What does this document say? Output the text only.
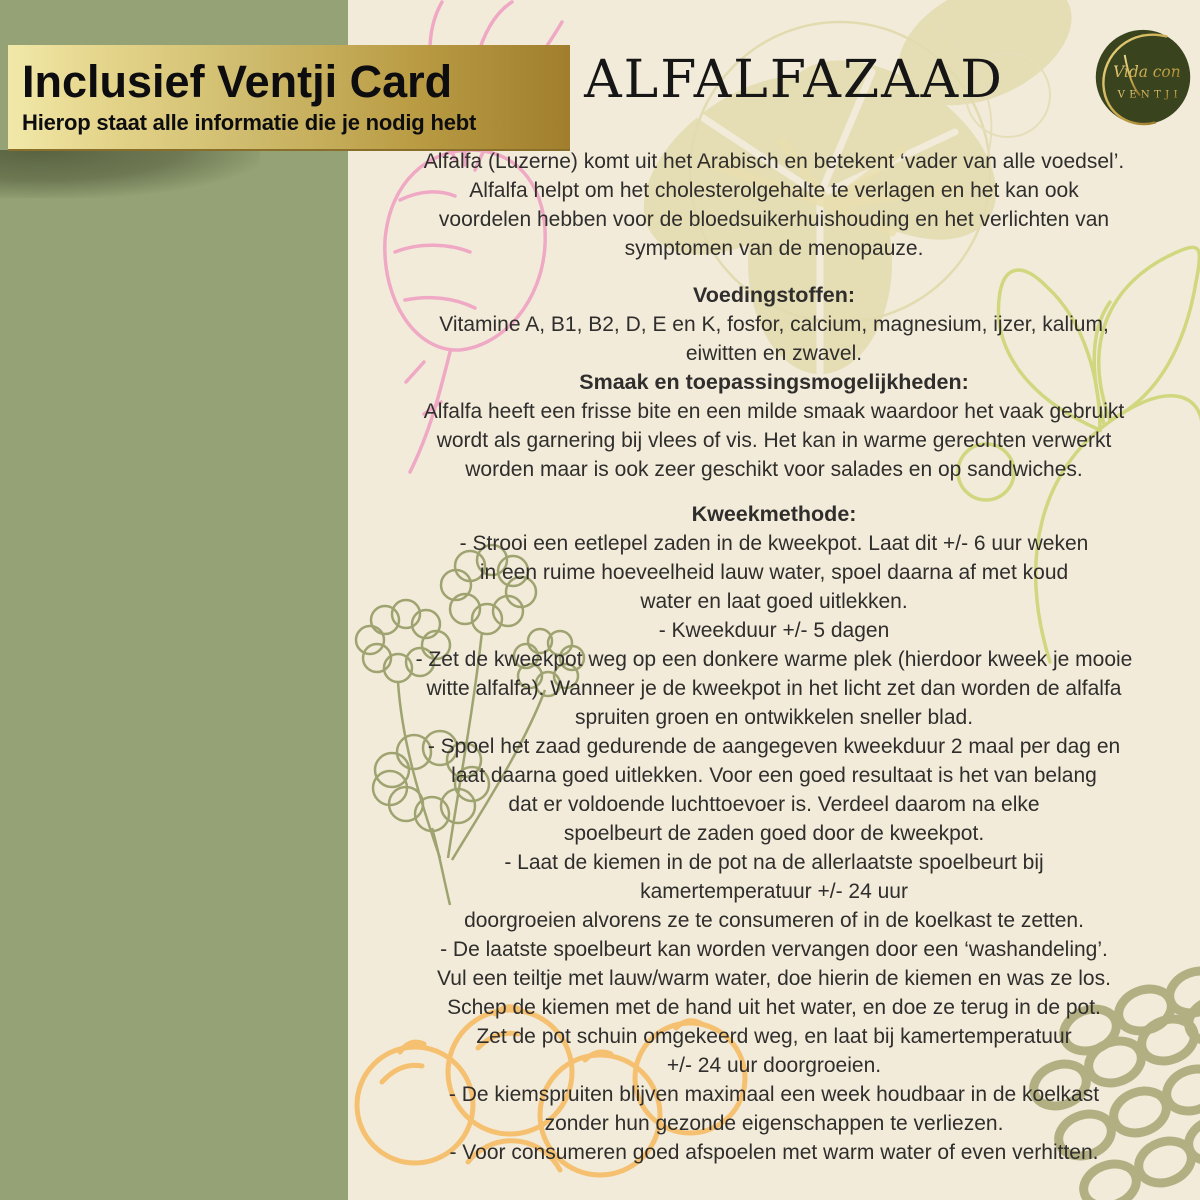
Inclusief Ventji Card
Hierop staat alle informatie die je nodig hebt
ALFALFAZAAD	Vida con
VENTJI
Alfalfa (Luzerne) komt uit het Arabisch en betekent ‘vader van alle voedsel’.
Alfalfa helpt om het cholesterolgehalte te verlagen en het kan ook
voordelen hebben voor de bloedsuikerhuishouding en het verlichten van
symptomen van de menopauze.
Voedingstoffen:
Vitamine A, B1, B2, D, E en K, fosfor, calcium, magnesium, ijzer, kalium,
eiwitten en zwavel.
Smaak en toepassingsmogelijkheden:
Alfalfa heeft een frisse bite en een milde smaak waardoor het vaak gebruikt
wordt als garnering bij vlees of vis. Het kan in warme gerechten verwerkt
worden maar is ook zeer geschikt voor salades en op sandwiches.
Kweekmethode:
- Strooi een eetlepel zaden in de kweekpot. Laat dit +/- 6 uur weken
in een ruime hoeveelheid lauw water, spoel daarna af met koud
water en laat goed uitlekken.
- Kweekduur +/- 5 dagen
- Zet de kweekpot weg op een donkere warme plek (hierdoor kweek je mooie
witte alfalfa). Wanneer je de kweekpot in het licht zet dan worden de alfalfa
spruiten groen en ontwikkelen sneller blad.
- Spoel het zaad gedurende de aangegeven kweekduur 2 maal per dag en
laat daarna goed uitlekken. Voor een goed resultaat is het van belang
dat er voldoende luchttoevoer is. Verdeel daarom na elke
spoelbeurt de zaden goed door de kweekpot.
- Laat de kiemen in de pot na de allerlaatste spoelbeurt bij
kamertemperatuur +/- 24 uur
doorgroeien alvorens ze te consumeren of in de koelkast te zetten.
- De laatste spoelbeurt kan worden vervangen door een ‘washandeling’.
Vul een teiltje met lauw/warm water, doe hierin de kiemen en was ze los.
Schep de kiemen met de hand uit het water, en doe ze terug in de pot.
Zet de pot schuin omgekeerd weg, en laat bij kamertemperatuur
+/- 24 uur doorgroeien.
- De kiemspruiten blijven maximaal een week houdbaar in de koelkast
zonder hun gezonde eigenschappen te verliezen.
- Voor consumeren goed afspoelen met warm water of even verhitten.
